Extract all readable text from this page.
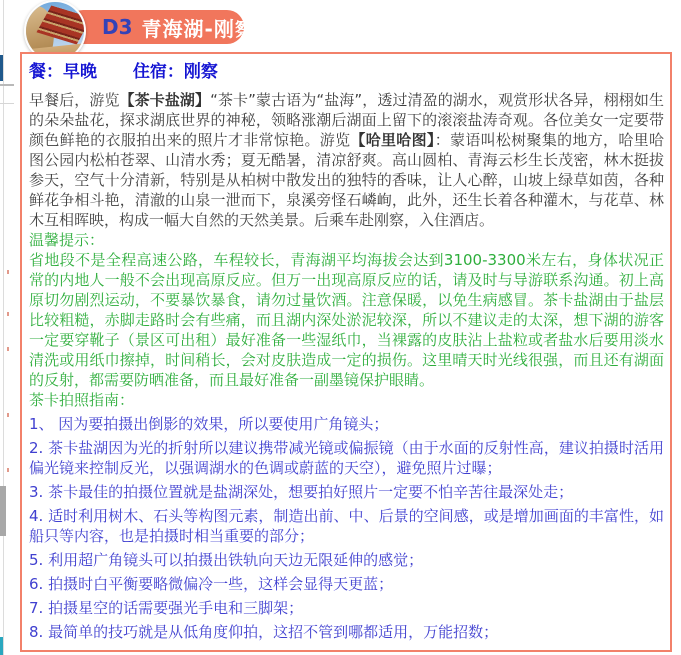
D3 青海湖-刚察

餐：早晚 住宿：刚察

早餐后，游览【茶卡盐湖】“茶卡”蒙古语为“盐海”，透过清盈的湖水，观赏形状各异，栩栩如生的朵朵盐花，探求湖底世界的神秘，领略涨潮后湖面上留下的滚滚盐涛奇观。各位美女一定要带颜色鲜艳的衣服拍出来的照片才非常惊艳。游览【哈里哈图】：蒙语叫松树聚集的地方，哈里哈图公园内松柏苍翠、山清水秀；夏无酷暑，清凉舒爽。高山圆柏、青海云杉生长茂密，林木挺拔参天，空气十分清新，特别是从柏树中散发出的独特的香味，让人心醉，山坡上绿草如茵，各种鲜花争相斗艳，清澈的山泉一泄而下，泉溪旁怪石嶙峋，此外，还生长着各种灌木，与花草、林木互相晖映，构成一幅大自然的天然美景。后乘车赴刚察，入住酒店。

温馨提示：

省地段不是全程高速公路，车程较长，青海湖平均海拔会达到3100-3300米左右，身体状况正常的内地人一般不会出现高原反应。但万一出现高原反应的话，请及时与导游联系沟通。初上高原切勿剧烈运动，不要暴饮暴食，请勿过量饮酒。注意保暖，以免生病感冒。茶卡盐湖由于盐层比较粗糙，赤脚走路时会有些痛，而且湖内深处淤泥较深，所以不建议走的太深，想下湖的游客一定要穿靴子（景区可出租）最好准备一些湿纸巾，当裸露的皮肤沾上盐粒或者盐水后要用淡水清洗或用纸巾擦掉，时间稍长，会对皮肤造成一定的损伤。这里晴天时光线很强，而且还有湖面的反射，都需要防晒准备，而且最好准备一副墨镜保护眼睛。

茶卡拍照指南：

1、 因为要拍摄出倒影的效果，所以要使用广角镜头；

2. 茶卡盐湖因为光的折射所以建议携带减光镜或偏振镜（由于水面的反射性高，建议拍摄时活用偏光镜来控制反光，以强调湖水的色调或蔚蓝的天空），避免照片过曝；

3. 茶卡最佳的拍摄位置就是盐湖深处，想要拍好照片一定要不怕辛苦往最深处走；

4. 适时利用树木、石头等构图元素，制造出前、中、后景的空间感，或是增加画面的丰富性，如船只等内容，也是拍摄时相当重要的部分；

5. 利用超广角镜头可以拍摄出铁轨向天边无限延伸的感觉；

6. 拍摄时白平衡要略微偏冷一些，这样会显得天更蓝；

7. 拍摄星空的话需要强光手电和三脚架；

8. 最简单的技巧就是从低角度仰拍，这招不管到哪都适用，万能招数；
